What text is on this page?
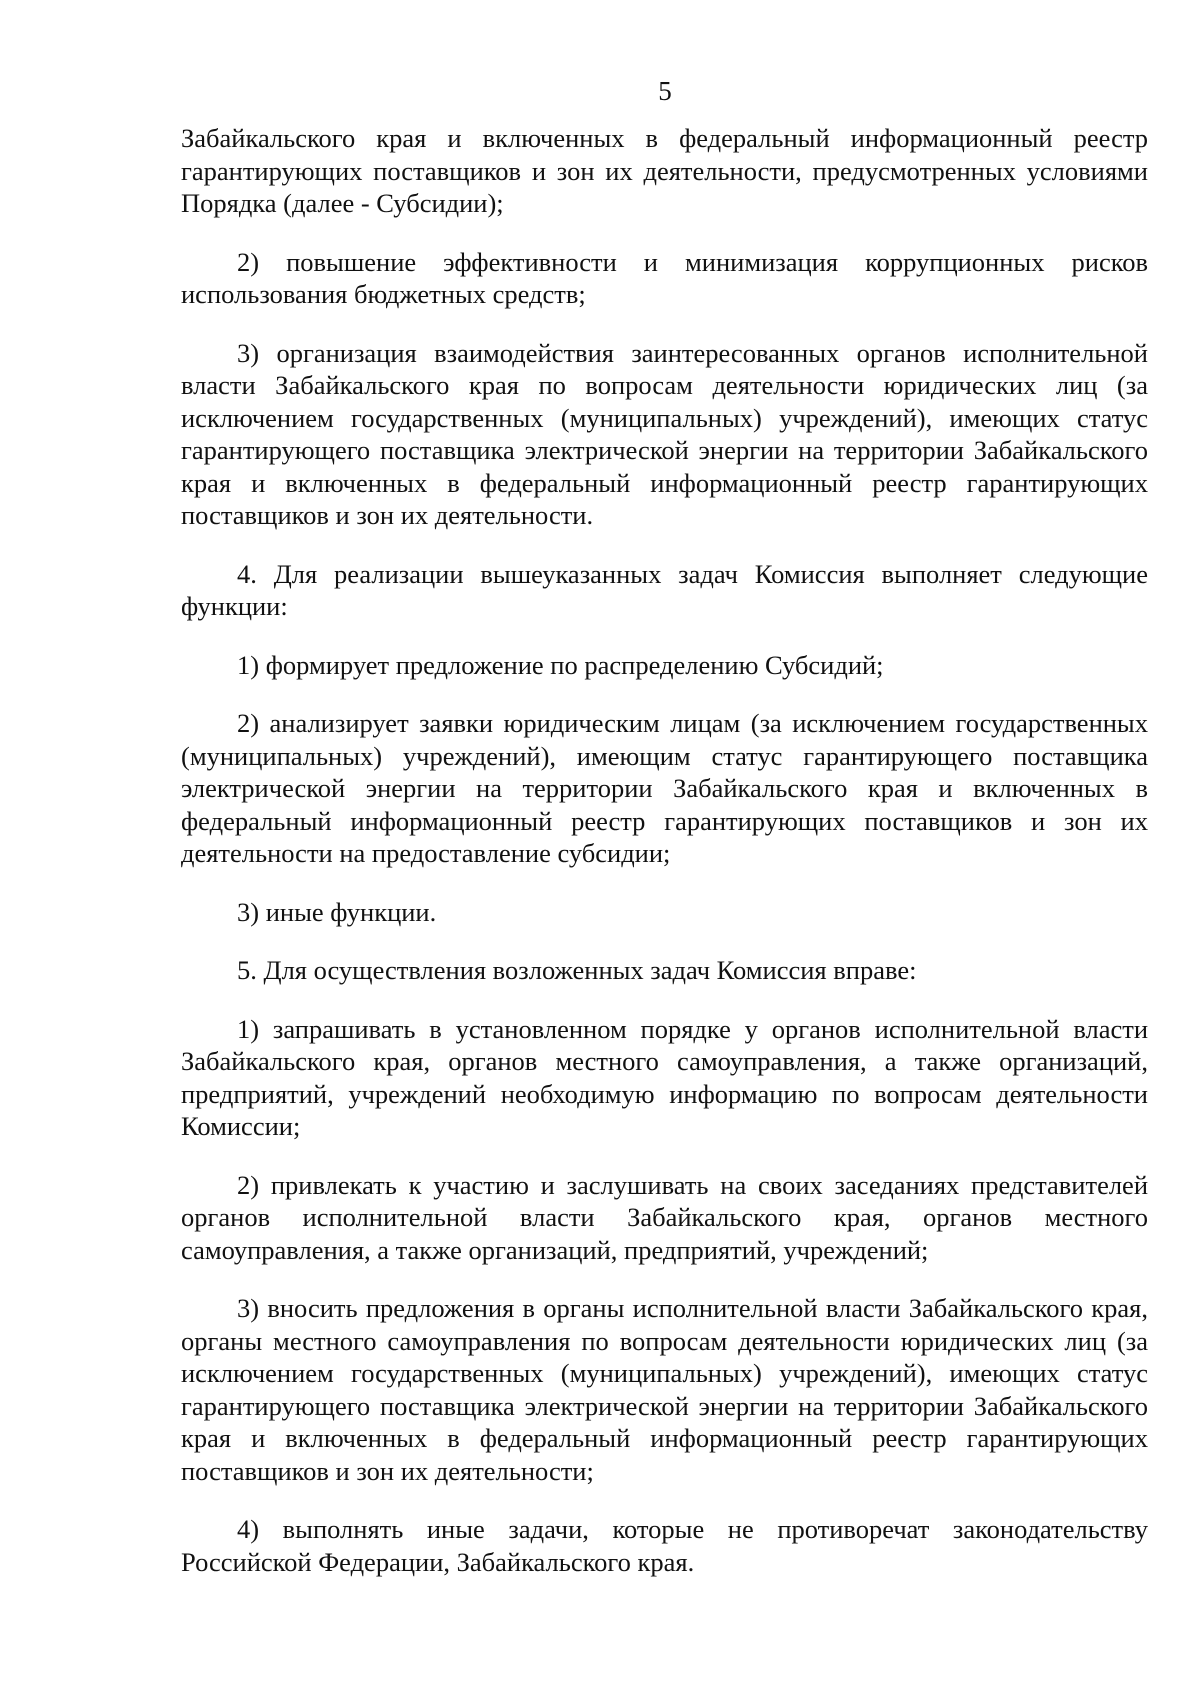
5

Забайкальского края и включенных в федеральный информационный реестр гарантирующих поставщиков и зон их деятельности, предусмотренных условиями Порядка (далее - Субсидии);

2) повышение эффективности и минимизация коррупционных рисков использования бюджетных средств;

3) организация взаимодействия заинтересованных органов исполнительной власти Забайкальского края по вопросам деятельности юридических лиц (за исключением государственных (муниципальных) учреждений), имеющих статус гарантирующего поставщика электрической энергии на территории Забайкальского края и включенных в федеральный информационный реестр гарантирующих поставщиков и зон их деятельности.

4. Для реализации вышеуказанных задач Комиссия выполняет следующие функции:

1) формирует предложение по распределению Субсидий;

2) анализирует заявки юридическим лицам (за исключением государственных (муниципальных) учреждений), имеющим статус гарантирующего поставщика электрической энергии на территории Забайкальского края и включенных в федеральный информационный реестр гарантирующих поставщиков и зон их деятельности на предоставление субсидии;

3) иные функции.

5. Для осуществления возложенных задач Комиссия вправе:

1) запрашивать в установленном порядке у органов исполнительной власти Забайкальского края, органов местного самоуправления, а также организаций, предприятий, учреждений необходимую информацию по вопросам деятельности Комиссии;

2) привлекать к участию и заслушивать на своих заседаниях представителей органов исполнительной власти Забайкальского края, органов местного самоуправления, а также организаций, предприятий, учреждений;

3) вносить предложения в органы исполнительной власти Забайкальского края, органы местного самоуправления по вопросам деятельности юридических лиц (за исключением государственных (муниципальных) учреждений), имеющих статус гарантирующего поставщика электрической энергии на территории Забайкальского края и включенных в федеральный информационный реестр гарантирующих поставщиков и зон их деятельности;

4) выполнять иные задачи, которые не противоречат законодательству Российской Федерации, Забайкальского края.
